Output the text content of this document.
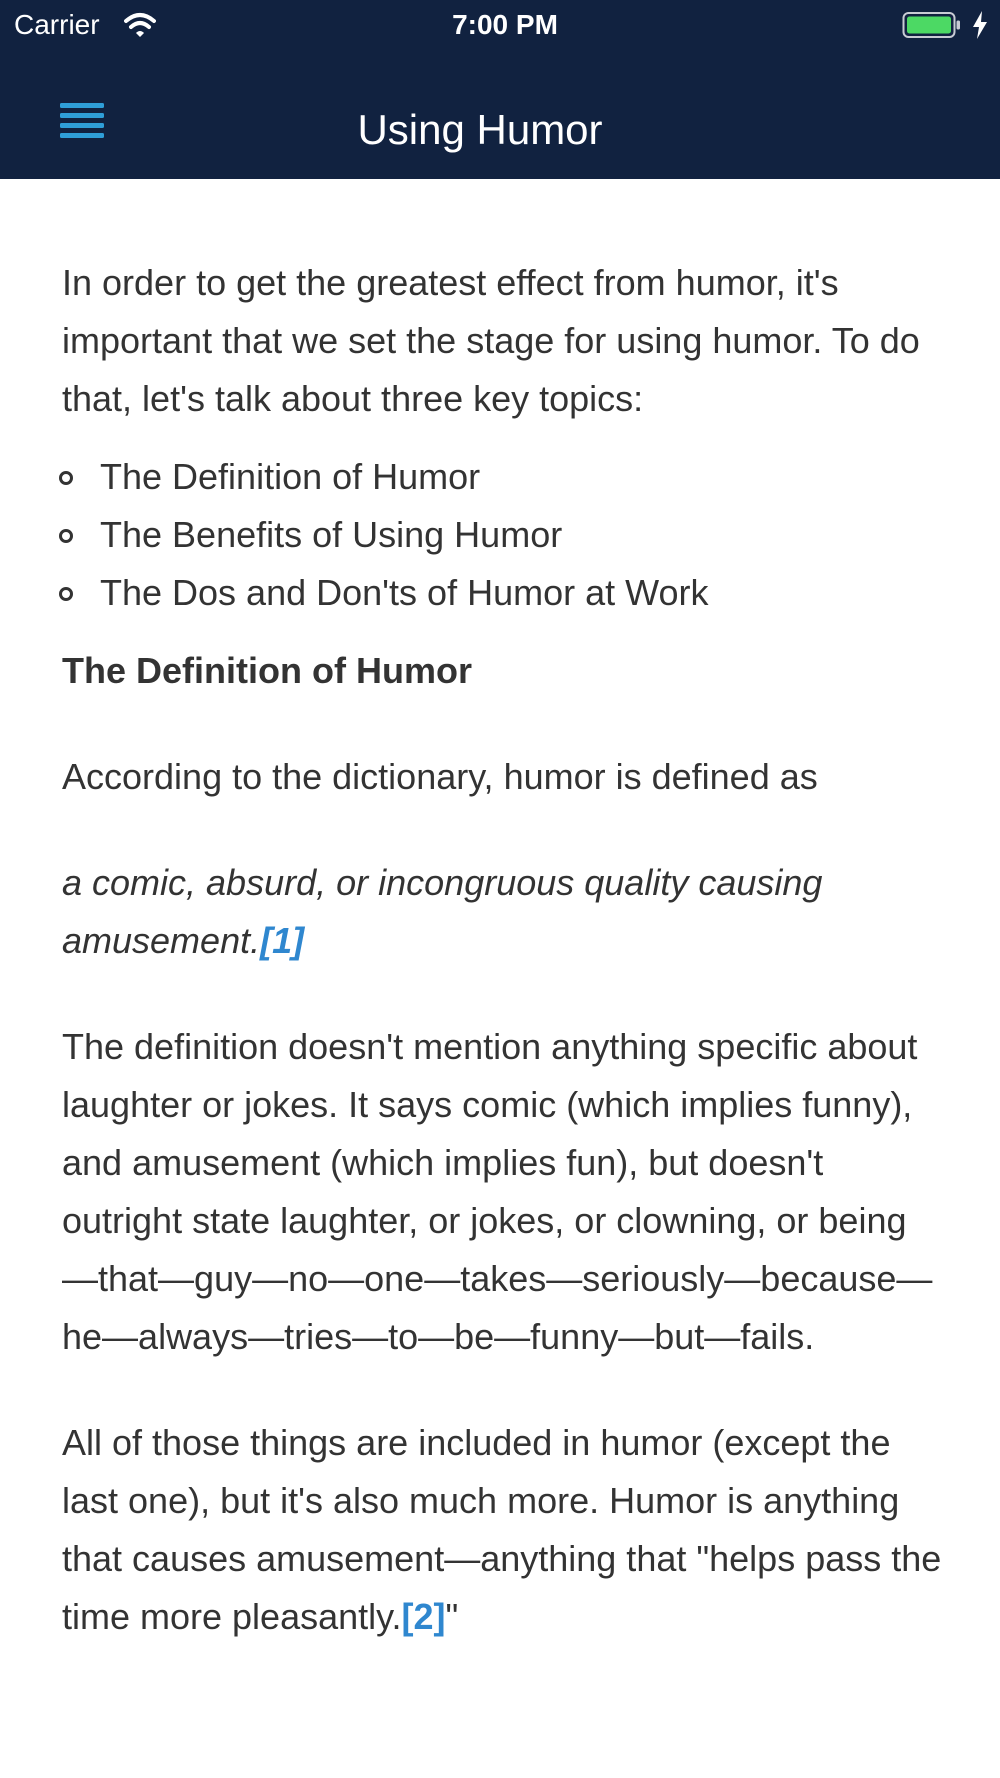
Carrier	7:00 PM
Using Humor

In order to get the greatest effect from humor, it's important that we set the stage for using humor. To do that, let's talk about three key topics:

The Definition of Humor
The Benefits of Using Humor
The Dos and Don'ts of Humor at Work

The Definition of Humor

According to the dictionary, humor is defined as

a comic, absurd, or incongruous quality causing amusement.[1]

The definition doesn't mention anything specific about laughter or jokes. It says comic (which implies funny), and amusement (which implies fun), but doesn't outright state laughter, or jokes, or clowning, or being—that—guy—no—one—takes—seriously—because—he—always—tries—to—be—funny—but—fails.

All of those things are included in humor (except the last one), but it's also much more. Humor is anything that causes amusement—anything that "helps pass the time more pleasantly.[2]"
